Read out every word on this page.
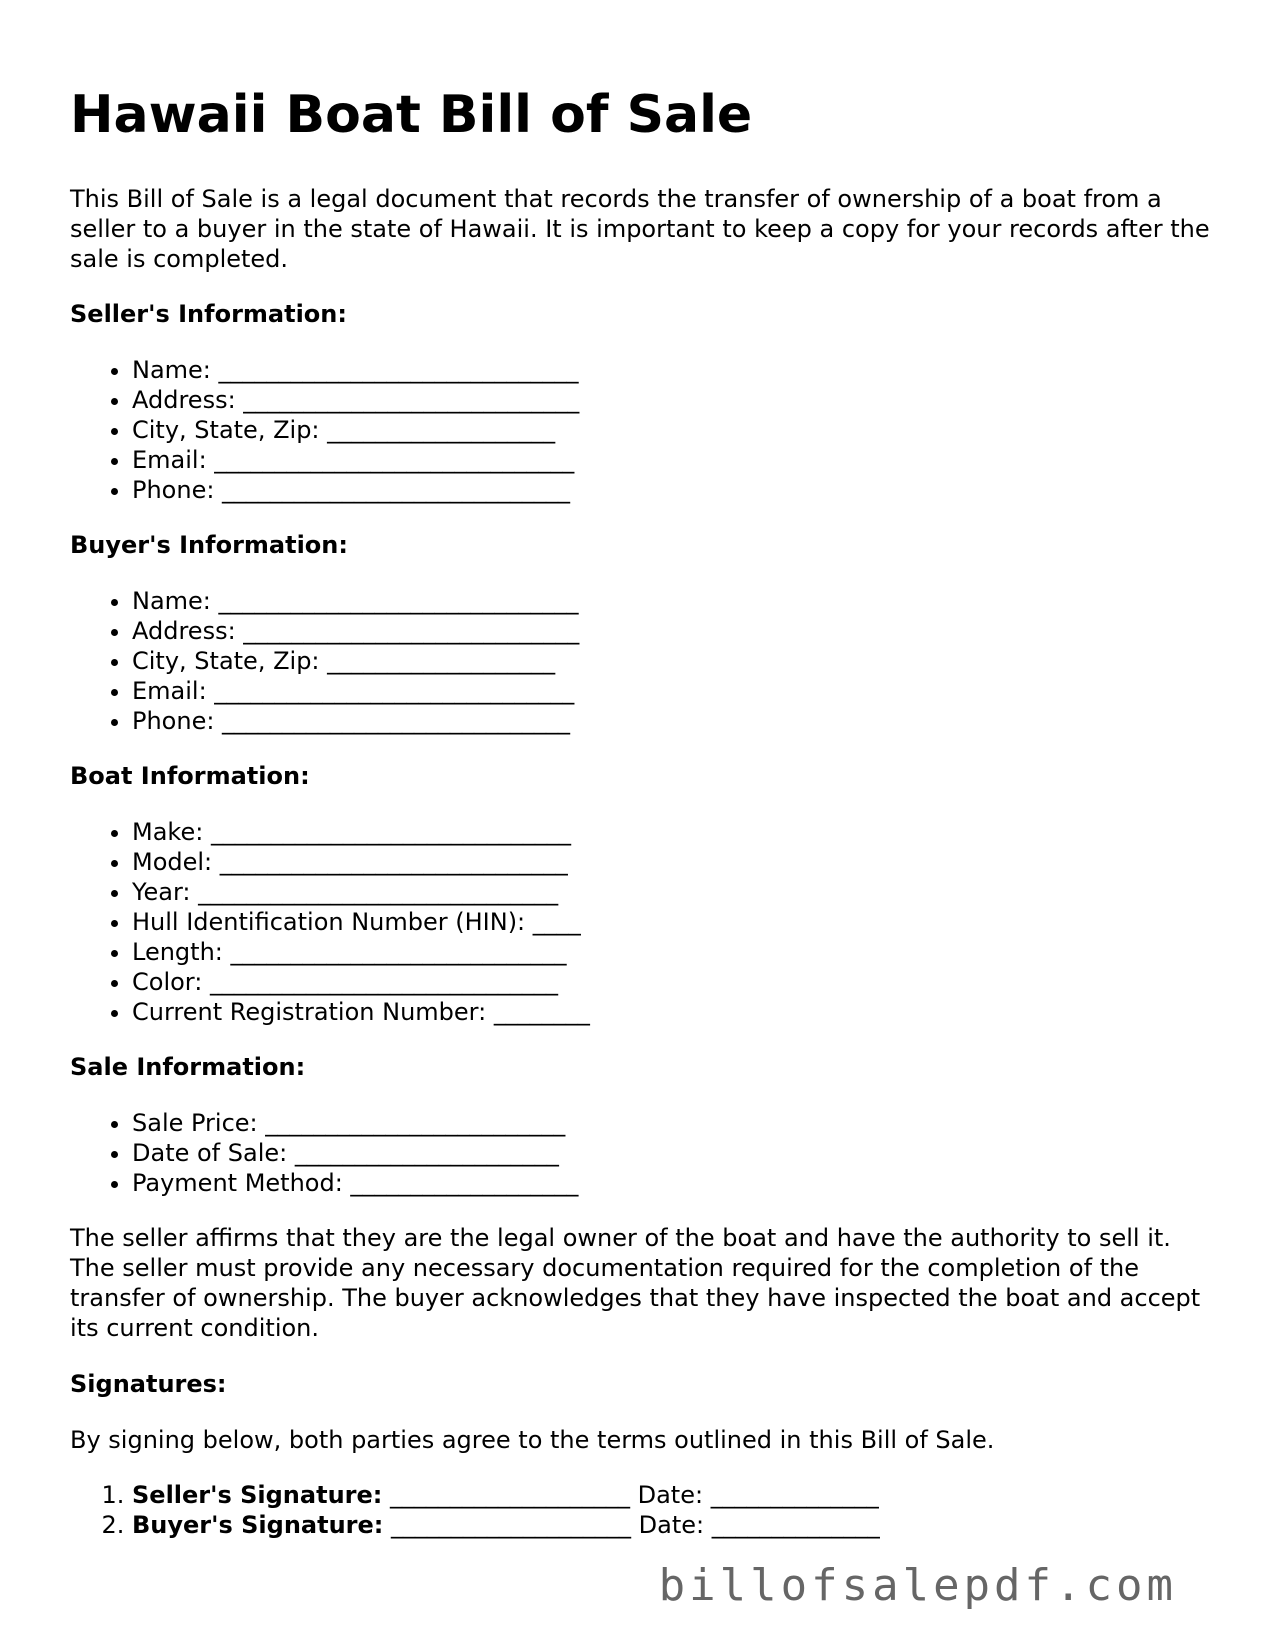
Hawaii Boat Bill of Sale

This Bill of Sale is a legal document that records the transfer of ownership of a boat from a seller to a buyer in the state of Hawaii. It is important to keep a copy for your records after the sale is completed.

Seller's Information:
• Name: ______________________________
• Address: ____________________________
• City, State, Zip: ___________________
• Email: ______________________________
• Phone: _____________________________
Buyer's Information:
• Name: ______________________________
• Address: ____________________________
• City, State, Zip: ___________________
• Email: ______________________________
• Phone: _____________________________
Boat Information:
• Make: ______________________________
• Model: _____________________________
• Year: ______________________________
• Hull Identification Number (HIN): ____
• Length: ____________________________
• Color: _____________________________
• Current Registration Number: ________
Sale Information:
• Sale Price: _________________________
• Date of Sale: ______________________
• Payment Method: ___________________

The seller affirms that they are the legal owner of the boat and have the authority to sell it. The seller must provide any necessary documentation required for the completion of the transfer of ownership. The buyer acknowledges that they have inspected the boat and accept its current condition.

Signatures:

By signing below, both parties agree to the terms outlined in this Bill of Sale.

1. Seller's Signature: ____________________ Date: ______________
2. Buyer's Signature: ____________________ Date: ______________
billofsalepdf.com
